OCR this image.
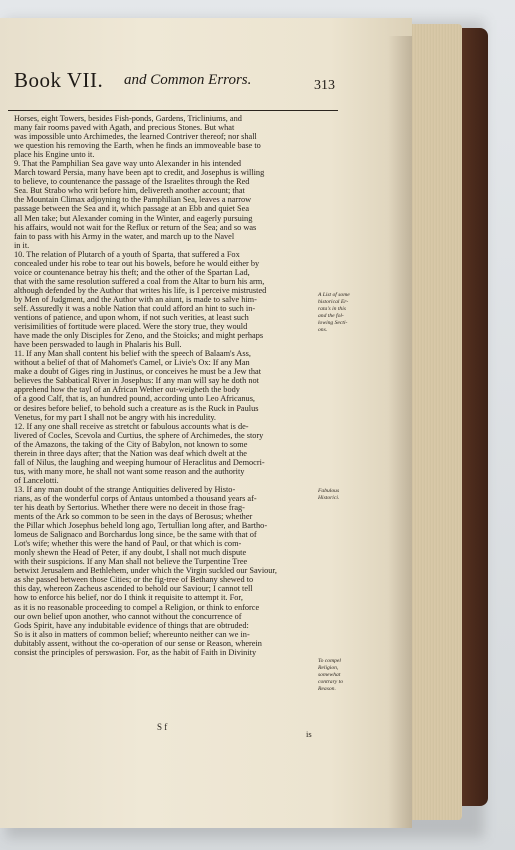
Book VII. and Common Errors.	313
Horses, eight Towers, besides Fish-ponds, Gardens, Tricliniums, and
many fair rooms paved with Agath, and precious Stones. But what
was impossible unto Archimedes, the learned Contriver thereof; nor shall
we question his removing the Earth, when he finds an immoveable base to
place his Engine unto it.
9. That the Pamphilian Sea gave way unto Alexander in his intended
March toward Persia, many have been apt to credit, and Josephus is willing
to believe, to countenance the passage of the Israelites through the Red
Sea. But Strabo who writ before him, delivereth another account; that
the Mountain Climax adjoyning to the Pamphilian Sea, leaves a narrow
passage between the Sea and it, which passage at an Ebb and quiet Sea
all Men take; but Alexander coming in the Winter, and eagerly pursuing
his affairs, would not wait for the Reflux or return of the Sea; and so was
fain to pass with his Army in the water, and march up to the Navel
in it.
10. The relation of Plutarch of a youth of Sparta, that suffered a Fox
concealed under his robe to tear out his bowels, before he would either by
voice or countenance betray his theft; and the other of the Spartan Lad,
that with the same resolution suffered a coal from the Altar to burn his arm,
although defended by the Author that writes his life, is I perceive mistrusted
by Men of Judgment, and the Author with an aiunt, is made to salve him-
self. Assuredly it was a noble Nation that could afford an hint to such in-
ventions of patience, and upon whom, if not such verities, at least such
verisimilities of fortitude were placed. Were the story true, they would
have made the only Disciples for Zeno, and the Stoicks; and might perhaps
have been perswaded to laugh in Phalaris his Bull.
11. If any Man shall content his belief with the speech of Balaam's Ass,
without a belief of that of Mahomet's Camel, or Livie's Ox: If any Man
make a doubt of Giges ring in Justinus, or conceives he must be a Jew that
believes the Sabbatical River in Josephus: If any man will say he doth not
apprehend how the tayl of an African Wether out-weigheth the body
of a good Calf, that is, an hundred pound, according unto Leo Africanus,
or desires before belief, to behold such a creature as is the Ruck in Paulus
Venetus, for my part I shall not be angry with his incredulity.
12. If any one shall receive as stretcht or fabulous accounts what is de-
livered of Cocles, Scevola and Curtius, the sphere of Archimedes, the story
of the Amazons, the taking of the City of Babylon, not known to some
therein in three days after; that the Nation was deaf which dwelt at the
fall of Nilus, the laughing and weeping humour of Heraclitus and Democri-
tus, with many more, he shall not want some reason and the authority
of Lancelotti.
13. If any man doubt of the strange Antiquities delivered by Histo-
rians, as of the wonderful corps of Antaus untombed a thousand years af-
ter his death by Sertorius. Whether there were no deceit in those frag-
ments of the Ark so common to be seen in the days of Berosus; whether
the Pillar which Josephus beheld long ago, Tertullian long after, and Bartho-
lomeus de Salignaco and Borchardus long since, be the same with that of
Lot's wife; whether this were the hand of Paul, or that which is com-
monly shewn the Head of Peter, if any doubt, I shall not much dispute
with their suspicions. If any Man shall not believe the Turpentine Tree
betwixt Jerusalem and Bethlehem, under which the Virgin suckled our Saviour,
as she passed between those Cities; or the fig-tree of Bethany shewed to
this day, whereon Zacheus ascended to behold our Saviour; I cannot tell
how to enforce his belief, nor do I think it requisite to attempt it. For,
as it is no reasonable proceeding to compel a Religion, or think to enforce
our own belief upon another, who cannot without the concurrence of
Gods Spirit, have any indubitable evidence of things that are obtruded:
So is it also in matters of common belief; whereunto neither can we in-
dubitably assent, without the co-operation of our sense or Reason, wherein
consist the principles of perswasion. For, as the habit of Faith in Divinity
A List of some
historical Er-
rata's in this
and the fol-
lowing Secti-
ons.
Fabulous
Historici.
To compel
Religion,
somewhat
contrary to
Reason.
S f
is
